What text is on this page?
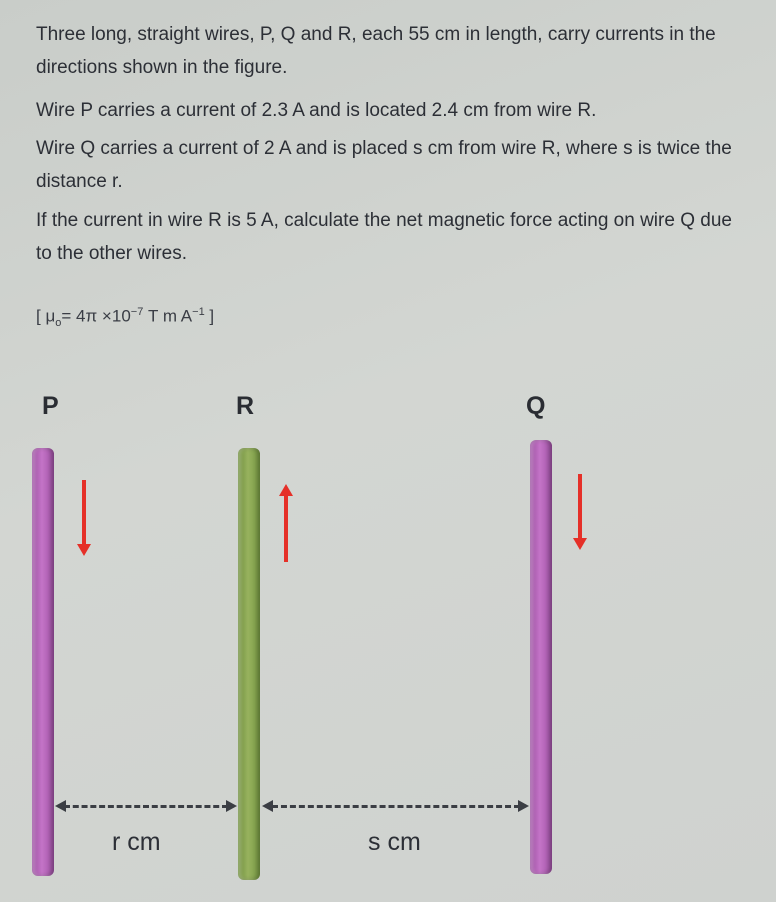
Three long, straight wires, P, Q and R, each 55 cm in length, carry currents in the directions shown in the figure.

Wire P carries a current of 2.3 A and is located 2.4 cm from wire R.

Wire Q carries a current of 2 A and is placed s cm from wire R, where s is twice the distance r.

If the current in wire R is 5 A, calculate the net magnetic force acting on wire Q due to the other wires.

[ $\mu_o= 4\pi \times 10^{-7}$ T m $A^{-1}$ ]
P	R	Q
r cm	s cm
